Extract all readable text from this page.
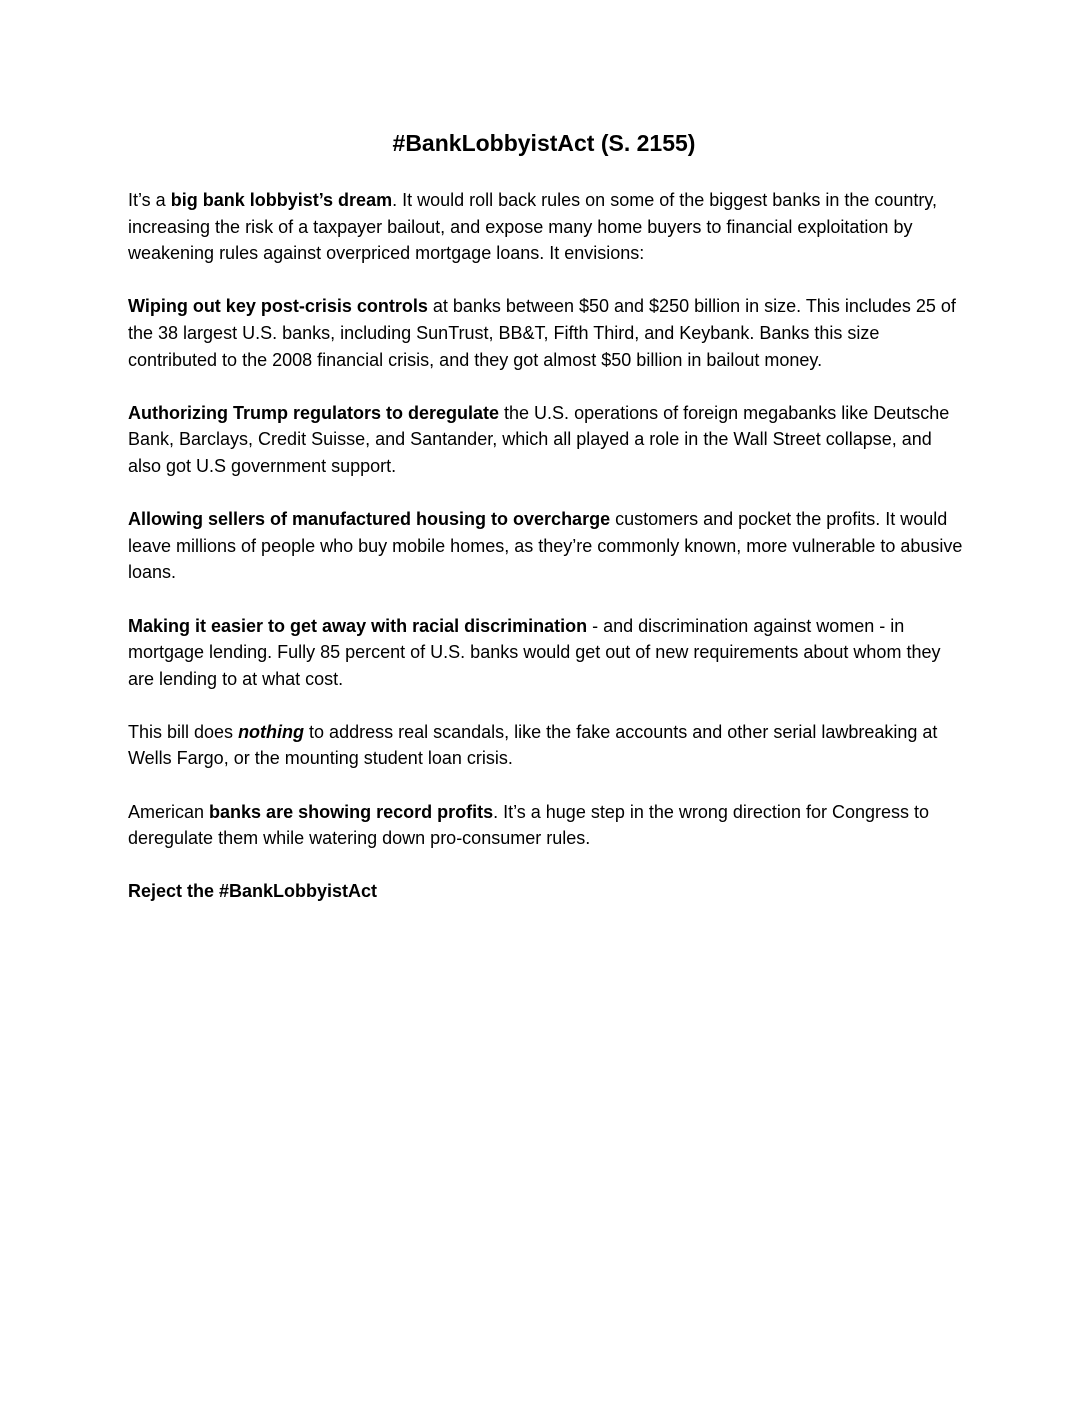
#BankLobbyistAct (S. 2155)

It’s a big bank lobbyist’s dream. It would roll back rules on some of the biggest banks in the country, increasing the risk of a taxpayer bailout, and expose many home buyers to financial exploitation by weakening rules against overpriced mortgage loans. It envisions:

Wiping out key post-crisis controls at banks between $50 and $250 billion in size. This includes 25 of the 38 largest U.S. banks, including SunTrust, BB&T, Fifth Third, and Keybank. Banks this size contributed to the 2008 financial crisis, and they got almost $50 billion in bailout money.

Authorizing Trump regulators to deregulate the U.S. operations of foreign megabanks like Deutsche Bank, Barclays, Credit Suisse, and Santander, which all played a role in the Wall Street collapse, and also got U.S government support.

Allowing sellers of manufactured housing to overcharge customers and pocket the profits. It would leave millions of people who buy mobile homes, as they’re commonly known, more vulnerable to abusive loans.

Making it easier to get away with racial discrimination - and discrimination against women - in mortgage lending. Fully 85 percent of U.S. banks would get out of new requirements about whom they are lending to at what cost.

This bill does nothing to address real scandals, like the fake accounts and other serial lawbreaking at Wells Fargo, or the mounting student loan crisis.

American banks are showing record profits. It’s a huge step in the wrong direction for Congress to deregulate them while watering down pro-consumer rules.

Reject the #BankLobbyistAct
